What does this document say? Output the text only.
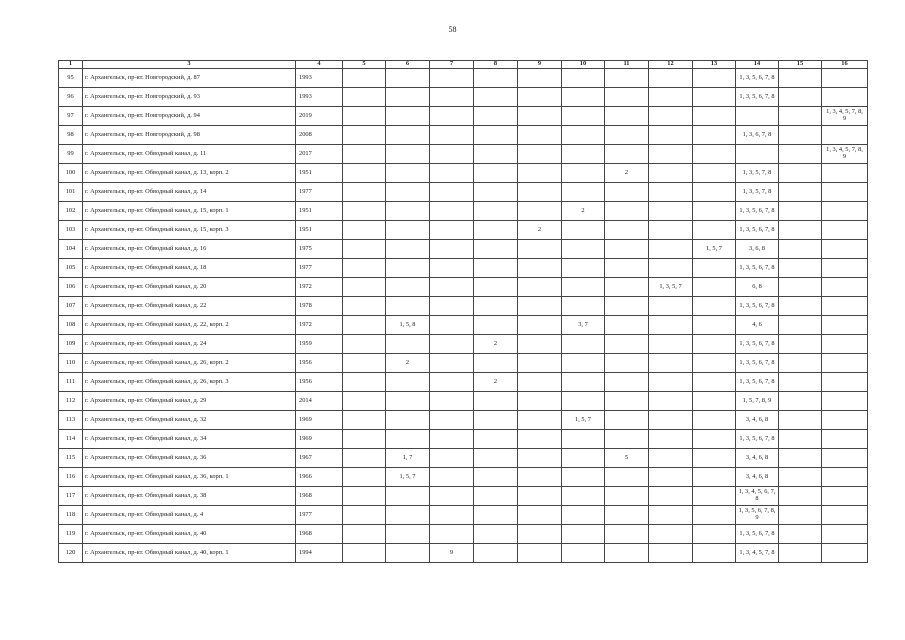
58
1	3	4	5	6	7	8	9	10	11	12	13	14	15	16
95	г. Архангельск, пр-кт. Новгородский, д. 87	1993										1, 3, 5, 6, 7, 8		
96	г. Архангельск, пр-кт. Новгородский, д. 93	1993										1, 3, 5, 6, 7, 8		
97	г. Архангельск, пр-кт. Новгородский, д. 94	2019												1, 3, 4, 5, 7, 8, 9
98	г. Архангельск, пр-кт. Новгородский, д. 98	2008										1, 3, 6, 7, 8		
99	г. Архангельск, пр-кт. Обводный канал, д. 11	2017												1, 3, 4, 5, 7, 8, 9
100	г. Архангельск, пр-кт. Обводный канал, д. 13, корп. 2	1951							2			1, 3, 5, 7, 8		
101	г. Архангельск, пр-кт. Обводный канал, д. 14	1977										1, 3, 5, 7, 8		
102	г. Архангельск, пр-кт. Обводный канал, д. 15, корп. 1	1951						2				1, 3, 5, 6, 7, 8		
103	г. Архангельск, пр-кт. Обводный канал, д. 15, корп. 3	1951					2					1, 3, 5, 6, 7, 8		
104	г. Архангельск, пр-кт. Обводный канал, д. 16	1975									1, 5, 7	3, 6, 8		
105	г. Архангельск, пр-кт. Обводный канал, д. 18	1977										1, 3, 5, 6, 7, 8		
106	г. Архангельск, пр-кт. Обводный канал, д. 20	1972								1, 3, 5, 7		6, 8		
107	г. Архангельск, пр-кт. Обводный канал, д. 22	1978										1, 3, 5, 6, 7, 8		
108	г. Архангельск, пр-кт. Обводный канал, д. 22, корп. 2	1972		1, 5, 8				3, 7				4, 6		
109	г. Архангельск, пр-кт. Обводный канал, д. 24	1959				2						1, 3, 5, 6, 7, 8		
110	г. Архангельск, пр-кт. Обводный канал, д. 26, корп. 2	1956		2								1, 3, 5, 6, 7, 8		
111	г. Архангельск, пр-кт. Обводный канал, д. 26, корп. 3	1956				2						1, 3, 5, 6, 7, 8		
112	г. Архангельск, пр-кт. Обводный канал, д. 29	2014										1, 5, 7, 8, 9		
113	г. Архангельск, пр-кт. Обводный канал, д. 32	1969						1, 5, 7				3, 4, 6, 8		
114	г. Архангельск, пр-кт. Обводный канал, д. 34	1969										1, 3, 5, 6, 7, 8		
115	г. Архангельск, пр-кт. Обводный канал, д. 36	1967		1, 7					5			3, 4, 6, 8		
116	г. Архангельск, пр-кт. Обводный канал, д. 36, корп. 1	1966		1, 5, 7								3, 4, 6, 8		
117	г. Архангельск, пр-кт. Обводный канал, д. 38	1968										1, 3, 4, 5, 6, 7, 8		
118	г. Архангельск, пр-кт. Обводный канал, д. 4	1977										1, 3, 5, 6, 7, 8, 9		
119	г. Архангельск, пр-кт. Обводный канал, д. 40	1968										1, 3, 5, 6, 7, 8		
120	г. Архангельск, пр-кт. Обводный канал, д. 40, корп. 1	1994			9							1, 3, 4, 5, 7, 8		
